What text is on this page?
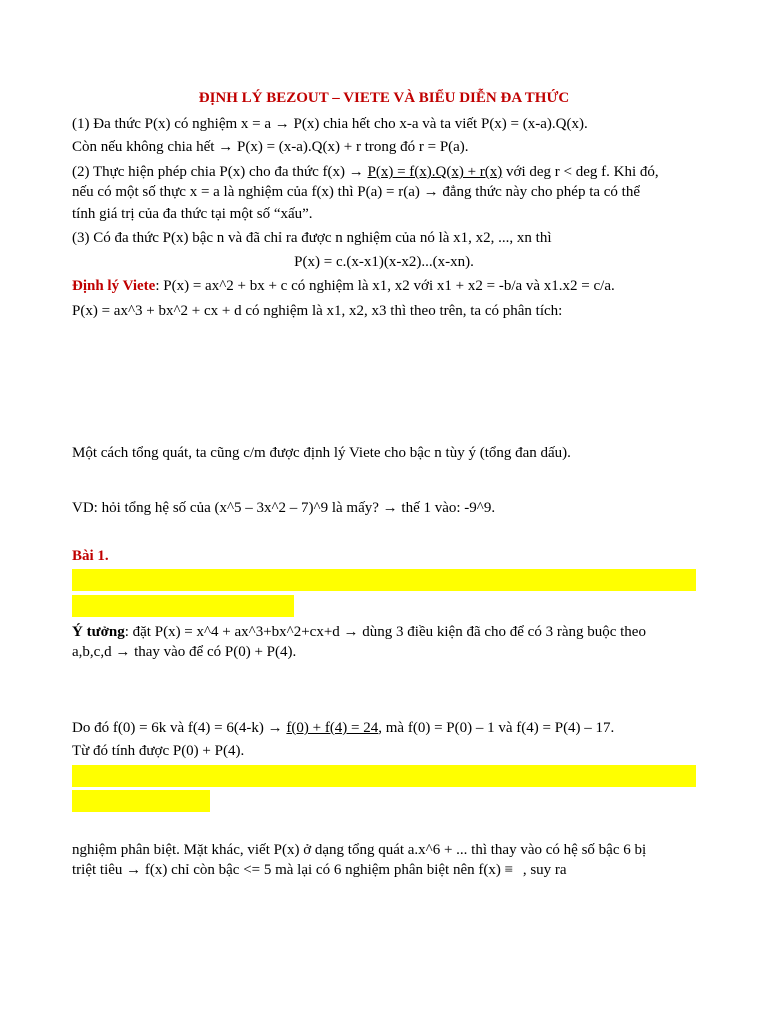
ĐỊNH LÝ BEZOUT – VIETE VÀ BIỂU DIỄN ĐA THỨC
(1) Đa thức P(x) có nghiệm x = a → P(x) chia hết cho x-a và ta viết P(x) = (x-a).Q(x).
Còn nếu không chia hết → P(x) = (x-a).Q(x) + r trong đó r = P(a).
(2) Thực hiện phép chia P(x) cho đa thức f(x) → P(x) = f(x).Q(x) + r(x) với deg r < deg f. Khi đó,
nếu có một số thực x = a là nghiệm của f(x) thì P(a) = r(a) → đẳng thức này cho phép ta có thể
tính giá trị của đa thức tại một số “xấu”.
(3) Có đa thức P(x) bậc n và đã chỉ ra được n nghiệm của nó là x1, x2, ..., xn thì
P(x) = c.(x-x1)(x-x2)...(x-xn).
Định lý Viete: P(x) = ax^2 + bx + c có nghiệm là x1, x2 với x1 + x2 = -b/a và x1.x2 = c/a.
P(x) = ax^3 + bx^2 + cx + d có nghiệm là x1, x2, x3 thì theo trên, ta có phân tích:
Một cách tổng quát, ta cũng c/m được định lý Viete cho bậc n tùy ý (tổng đan dấu).
VD: hỏi tổng hệ số của (x^5 – 3x^2 – 7)^9 là mấy? → thế 1 vào: -9^9.
Bài 1.
Ý tưởng: đặt P(x) = x^4 + ax^3+bx^2+cx+d → dùng 3 điều kiện đã cho để có 3 ràng buộc theo
a,b,c,d → thay vào để có P(0) + P(4).
Do đó f(0) = 6k và f(4) = 6(4-k) → f(0) + f(4) = 24, mà f(0) = P(0) – 1 và f(4) = P(4) – 17.
Từ đó tính được P(0) + P(4).
nghiệm phân biệt. Mặt khác, viết P(x) ở dạng tổng quát a.x^6 + ... thì thay vào có hệ số bậc 6 bị
triệt tiêu → f(x) chỉ còn bậc <= 5 mà lại có 6 nghiệm phân biệt nên f(x) ≡ , suy ra
